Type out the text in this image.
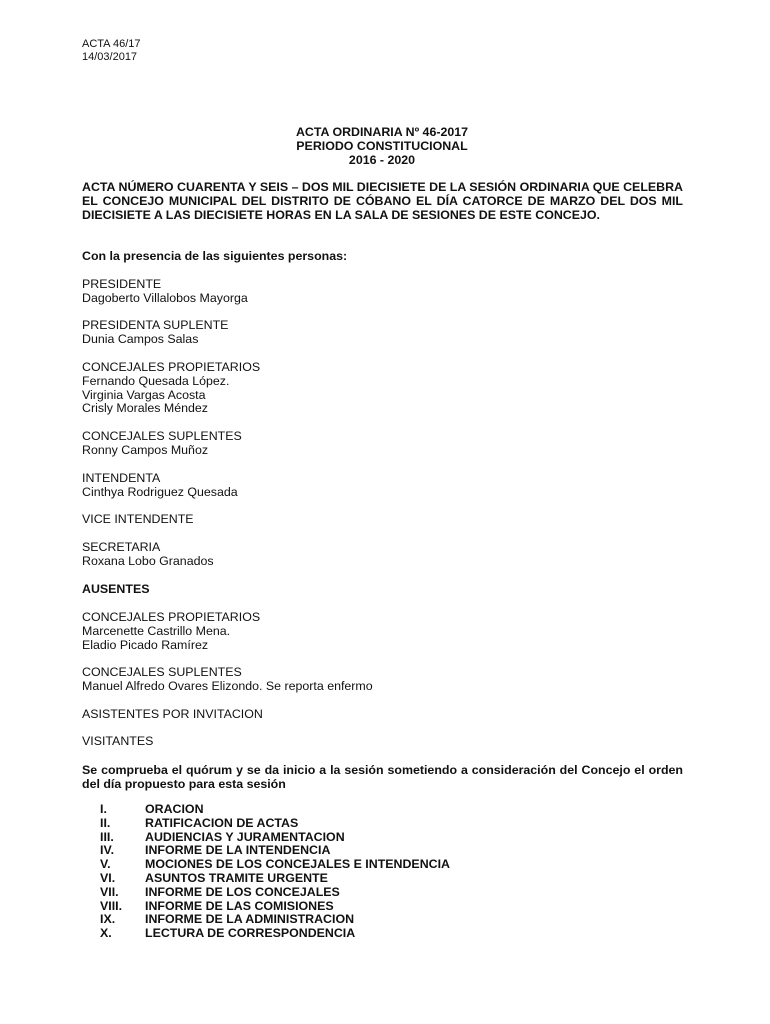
ACTA 46/17
14/03/2017
ACTA ORDINARIA Nº 46-2017
PERIODO CONSTITUCIONAL
2016 - 2020
ACTA NÚMERO CUARENTA Y SEIS – DOS MIL DIECISIETE DE LA SESIÓN ORDINARIA QUE CELEBRA EL CONCEJO MUNICIPAL DEL DISTRITO DE CÓBANO EL DÍA CATORCE DE MARZO DEL DOS MIL DIECISIETE A LAS DIECISIETE HORAS EN LA SALA DE SESIONES DE ESTE CONCEJO.
Con la presencia de las siguientes personas:
PRESIDENTE
Dagoberto Villalobos Mayorga
PRESIDENTA SUPLENTE
Dunia Campos Salas
CONCEJALES PROPIETARIOS
Fernando Quesada López.
Virginia Vargas Acosta
Crisly Morales Méndez
CONCEJALES SUPLENTES
Ronny Campos Muñoz
INTENDENTA
Cinthya Rodriguez Quesada
VICE INTENDENTE
SECRETARIA
Roxana Lobo Granados
AUSENTES
CONCEJALES PROPIETARIOS
Marcenette Castrillo Mena.
Eladio Picado Ramírez
CONCEJALES SUPLENTES
Manuel Alfredo Ovares Elizondo. Se reporta enfermo
ASISTENTES POR INVITACION
VISITANTES
Se comprueba el quórum y se da inicio a la sesión sometiendo a consideración del Concejo el orden del día propuesto para esta sesión
I.	ORACION
II.	RATIFICACION DE ACTAS
III.	AUDIENCIAS Y JURAMENTACION
IV.	INFORME DE LA INTENDENCIA
V.	MOCIONES DE LOS CONCEJALES E INTENDENCIA
VI.	ASUNTOS TRAMITE URGENTE
VII.	INFORME DE LOS CONCEJALES
VIII.	INFORME DE LAS COMISIONES
IX.	INFORME DE LA ADMINISTRACION
X.	LECTURA DE CORRESPONDENCIA
